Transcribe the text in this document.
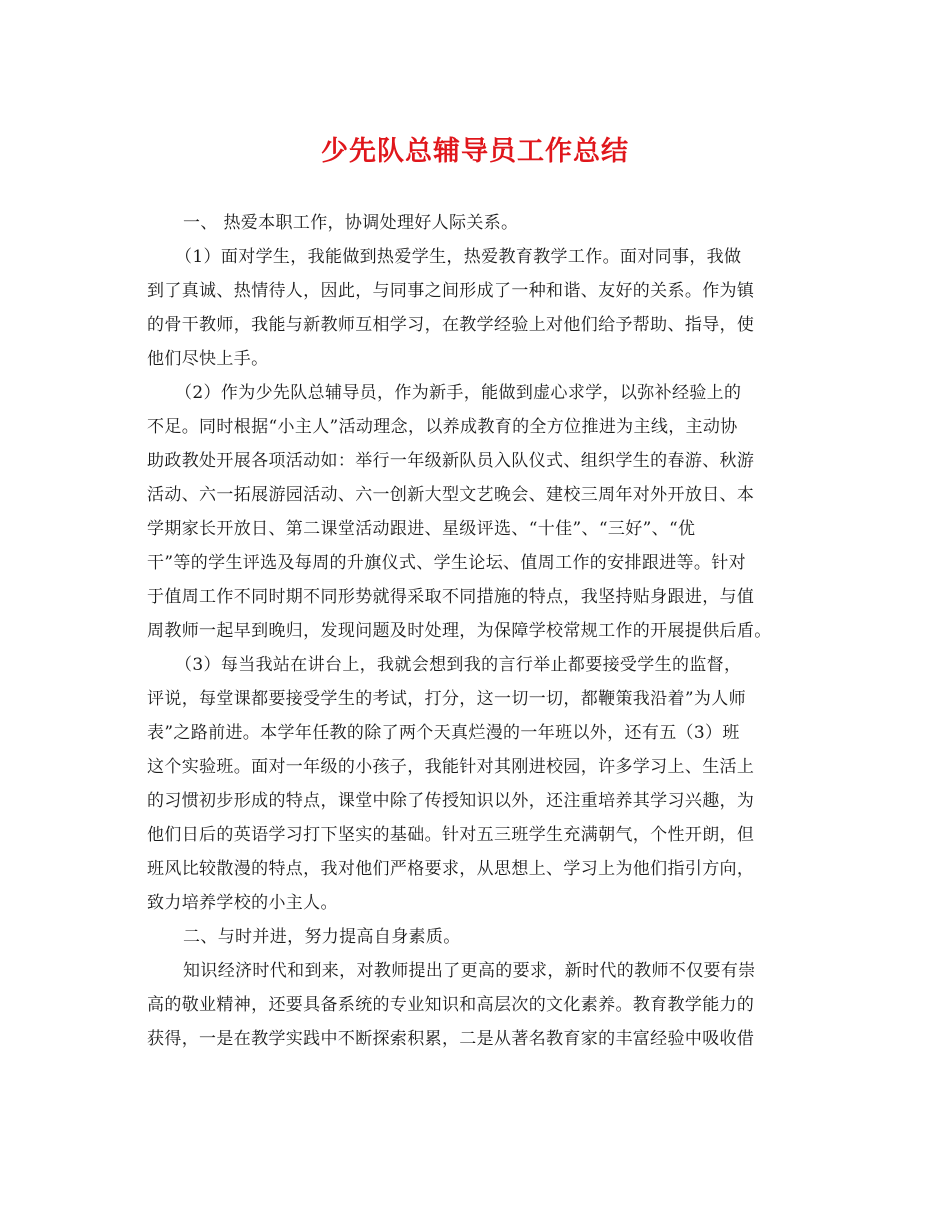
少先队总辅导员工作总结
一、 热爱本职工作，协调处理好人际关系。
（1）面对学生，我能做到热爱学生，热爱教育教学工作。面对同事，我做
到了真诚、热情待人，因此，与同事之间形成了一种和谐、友好的关系。作为镇
的骨干教师，我能与新教师互相学习，在教学经验上对他们给予帮助、指导，使
他们尽快上手。
（2）作为少先队总辅导员，作为新手，能做到虚心求学，以弥补经验上的
不足。同时根据“小主人”活动理念，以养成教育的全方位推进为主线，主动协
助政教处开展各项活动如：举行一年级新队员入队仪式、组织学生的春游、秋游
活动、六一拓展游园活动、六一创新大型文艺晚会、建校三周年对外开放日、本
学期家长开放日、第二课堂活动跟进、星级评选、“十佳”、“三好”、“优
干”等的学生评选及每周的升旗仪式、学生论坛、值周工作的安排跟进等。针对
于值周工作不同时期不同形势就得采取不同措施的特点，我坚持贴身跟进，与值
周教师一起早到晚归，发现问题及时处理，为保障学校常规工作的开展提供后盾。
（3）每当我站在讲台上，我就会想到我的言行举止都要接受学生的监督，
评说，每堂课都要接受学生的考试，打分，这一切一切，都鞭策我沿着”为人师
表”之路前进。本学年任教的除了两个天真烂漫的一年班以外，还有五（3）班
这个实验班。面对一年级的小孩子，我能针对其刚进校园，许多学习上、生活上
的习惯初步形成的特点，课堂中除了传授知识以外，还注重培养其学习兴趣，为
他们日后的英语学习打下坚实的基础。针对五三班学生充满朝气，个性开朗，但
班风比较散漫的特点，我对他们严格要求，从思想上、学习上为他们指引方向，
致力培养学校的小主人。
二、与时并进，努力提高自身素质。
知识经济时代和到来，对教师提出了更高的要求，新时代的教师不仅要有崇
高的敬业精神，还要具备系统的专业知识和高层次的文化素养。教育教学能力的
获得，一是在教学实践中不断探索积累，二是从著名教育家的丰富经验中吸收借
